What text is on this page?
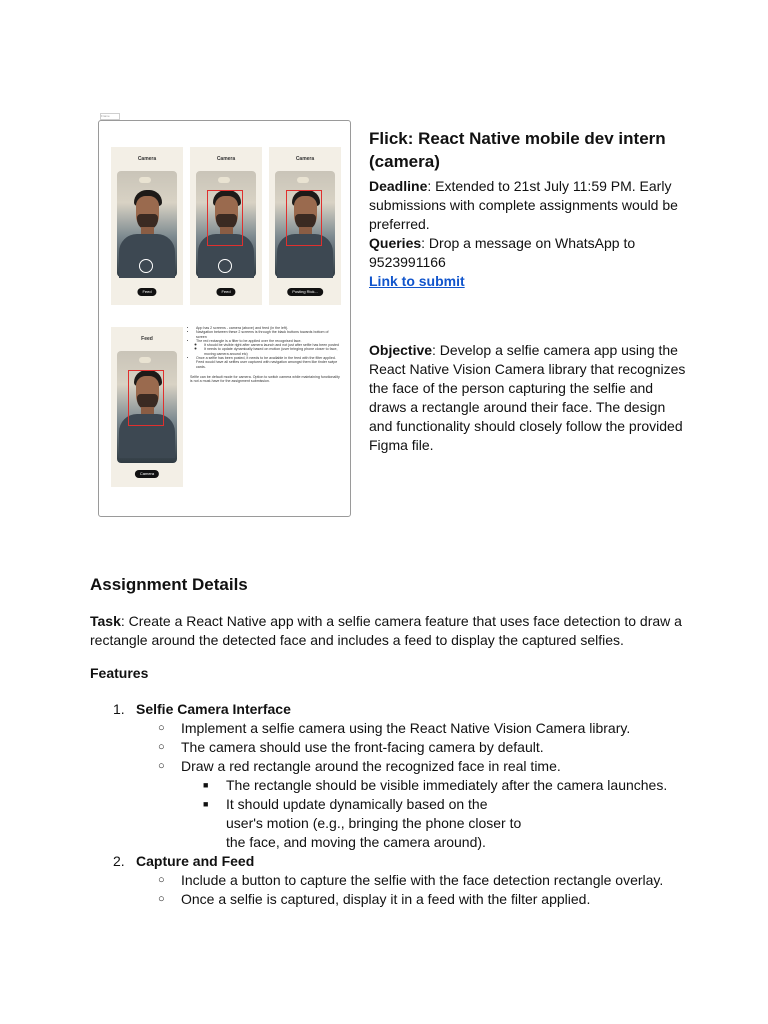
Frame
Camera
Feed
Camera
Feed
Camera
Posting Rick...
Feed
Camera
• App has 2 screens - camera (above) and feed (in the left).
• Navigation between these 2 screens is through the black buttons towards bottom of screen
• The red rectangle is a filter to be applied over the recognised face.
◦ It should be visible right after camera launch and not just after selfie has been posted
◦ It needs to update dynamically based on motion (user bringing phone closer to face, moving camera around etc)
• Once a selfie has been posted, it needs to be available in the feed with the filter applied. Feed would have all selfies user captured with navigation amongst them like tinder swipe cards.

Selfie can be default mode for camera. Option to switch camera while maintaining functionality is not a must-have for the assignment submission.

Flick: React Native mobile dev intern (camera)

Deadline: Extended to 21st July 11:59 PM. Early submissions with complete assignments would be preferred.

Queries: Drop a message on WhatsApp to 9523991166

Link to submit

Objective: Develop a selfie camera app using the React Native Vision Camera library that recognizes the face of the person capturing the selfie and draws a rectangle around their face. The design and functionality should closely follow the provided Figma file.
Assignment Details
Task: Create a React Native app with a selfie camera feature that uses face detection to draw a rectangle around the detected face and includes a feed to display the captured selfies.
Features
1. Selfie Camera Interface
○ Implement a selfie camera using the React Native Vision Camera library.
○ The camera should use the front-facing camera by default.
○ Draw a red rectangle around the recognized face in real time.
■ The rectangle should be visible immediately after the camera launches.
■ It should update dynamically based on the user's motion (e.g., bringing the phone closer to the face, and moving the camera around).
2. Capture and Feed
○ Include a button to capture the selfie with the face detection rectangle overlay.
○ Once a selfie is captured, display it in a feed with the filter applied.
